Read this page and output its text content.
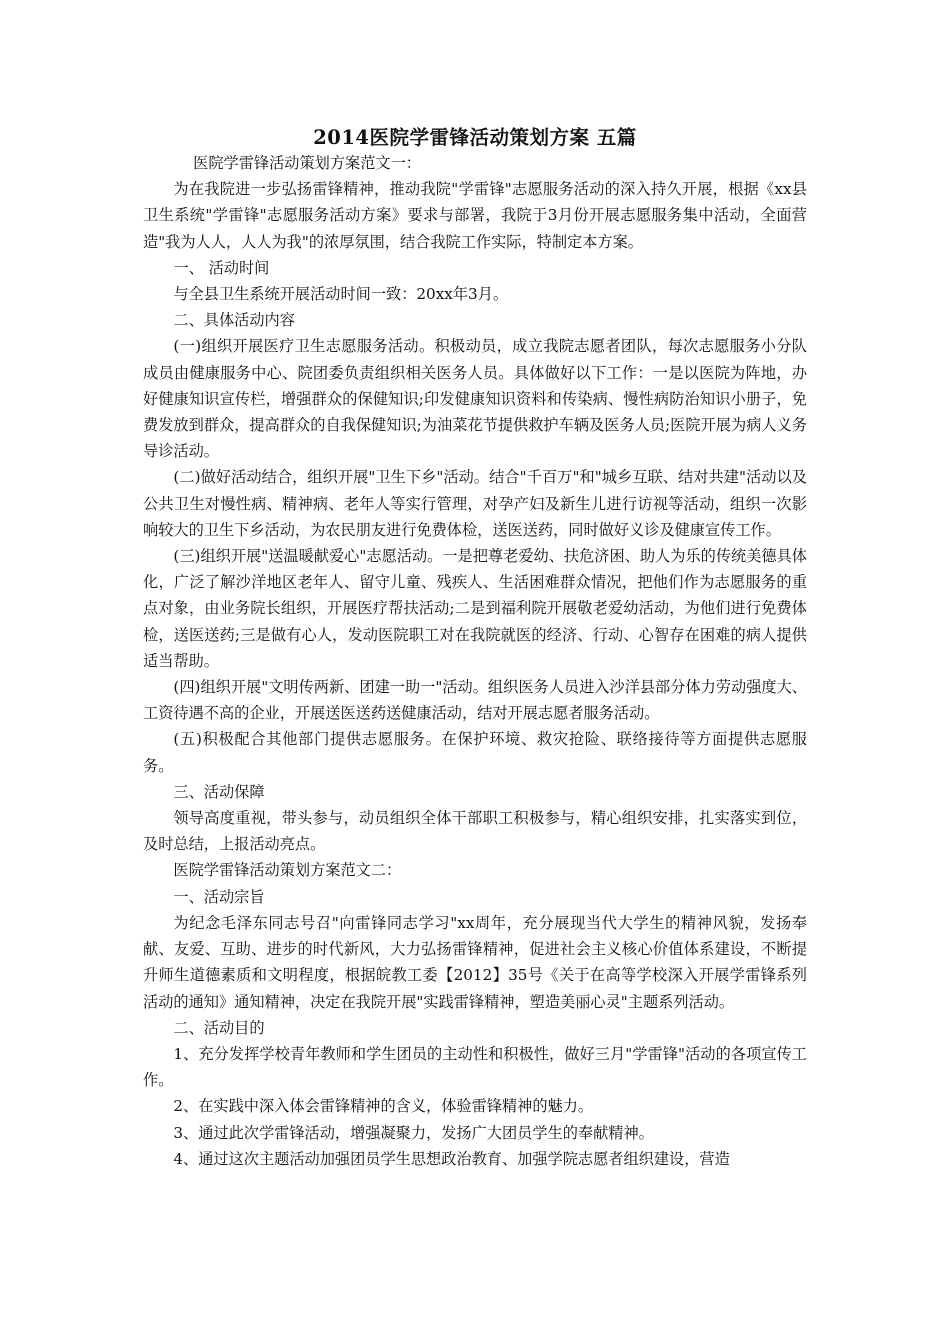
2014医院学雷锋活动策划方案 五篇

医院学雷锋活动策划方案范文一：

为在我院进一步弘扬雷锋精神，推动我院"学雷锋"志愿服务活动的深入持久开展，根据《xx县卫生系统"学雷锋"志愿服务活动方案》要求与部署，我院于3月份开展志愿服务集中活动，全面营造"我为人人，人人为我"的浓厚氛围，结合我院工作实际，特制定本方案。

一、 活动时间

与全县卫生系统开展活动时间一致：20xx年3月。

二、具体活动内容

(一)组织开展医疗卫生志愿服务活动。积极动员，成立我院志愿者团队，每次志愿服务小分队成员由健康服务中心、院团委负责组织相关医务人员。具体做好以下工作：一是以医院为阵地，办好健康知识宣传栏，增强群众的保健知识;印发健康知识资料和传染病、慢性病防治知识小册子，免费发放到群众，提高群众的自我保健知识;为油菜花节提供救护车辆及医务人员;医院开展为病人义务导诊活动。

(二)做好活动结合，组织开展"卫生下乡"活动。结合"千百万"和"城乡互联、结对共建"活动以及公共卫生对慢性病、精神病、老年人等实行管理，对孕产妇及新生儿进行访视等活动，组织一次影响较大的卫生下乡活动，为农民朋友进行免费体检，送医送药，同时做好义诊及健康宣传工作。

(三)组织开展"送温暖献爱心"志愿活动。一是把尊老爱幼、扶危济困、助人为乐的传统美德具体化，广泛了解沙洋地区老年人、留守儿童、残疾人、生活困难群众情况，把他们作为志愿服务的重点对象，由业务院长组织，开展医疗帮扶活动;二是到福利院开展敬老爱幼活动，为他们进行免费体检，送医送药;三是做有心人，发动医院职工对在我院就医的经济、行动、心智存在困难的病人提供适当帮助。

(四)组织开展"文明传两新、团建一助一"活动。组织医务人员进入沙洋县部分体力劳动强度大、工资待遇不高的企业，开展送医送药送健康活动，结对开展志愿者服务活动。

(五)积极配合其他部门提供志愿服务。在保护环境、救灾抢险、联络接待等方面提供志愿服务。

三、活动保障

领导高度重视，带头参与，动员组织全体干部职工积极参与，精心组织安排，扎实落实到位，及时总结，上报活动亮点。

医院学雷锋活动策划方案范文二：

一、活动宗旨

为纪念毛泽东同志号召"向雷锋同志学习"xx周年，充分展现当代大学生的精神风貌，发扬奉献、友爱、互助、进步的时代新风，大力弘扬雷锋精神，促进社会主义核心价值体系建设，不断提升师生道德素质和文明程度，根据皖教工委【2012】35号《关于在高等学校深入开展学雷锋系列活动的通知》通知精神，决定在我院开展"实践雷锋精神，塑造美丽心灵"主题系列活动。

二、活动目的

1、充分发挥学校青年教师和学生团员的主动性和积极性，做好三月"学雷锋"活动的各项宣传工作。

2、在实践中深入体会雷锋精神的含义，体验雷锋精神的魅力。

3、通过此次学雷锋活动，增强凝聚力，发扬广大团员学生的奉献精神。

4、通过这次主题活动加强团员学生思想政治教育、加强学院志愿者组织建设，营造
